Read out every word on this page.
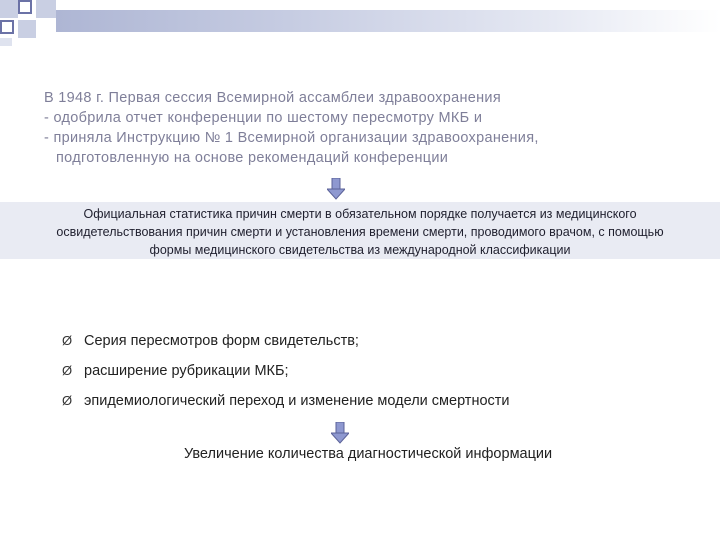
В 1948 г. Первая сессия Всемирной ассамблеи здравоохранения
- одобрила отчет конференции по шестому пересмотру МКБ и
- приняла Инструкцию № 1 Всемирной организации здравоохранения,
подготовленную на основе рекомендаций конференции
Официальная статистика причин смерти в обязательном порядке получается из медицинского
освидетельствования причин смерти и установления времени смерти, проводимого врачом, с помощью
формы медицинского свидетельства из международной классификации
Ø Серия пересмотров форм свидетельств;
Ø расширение рубрикации МКБ;
Ø эпидемиологический переход и изменение модели смертности
Увеличение количества диагностической информации
